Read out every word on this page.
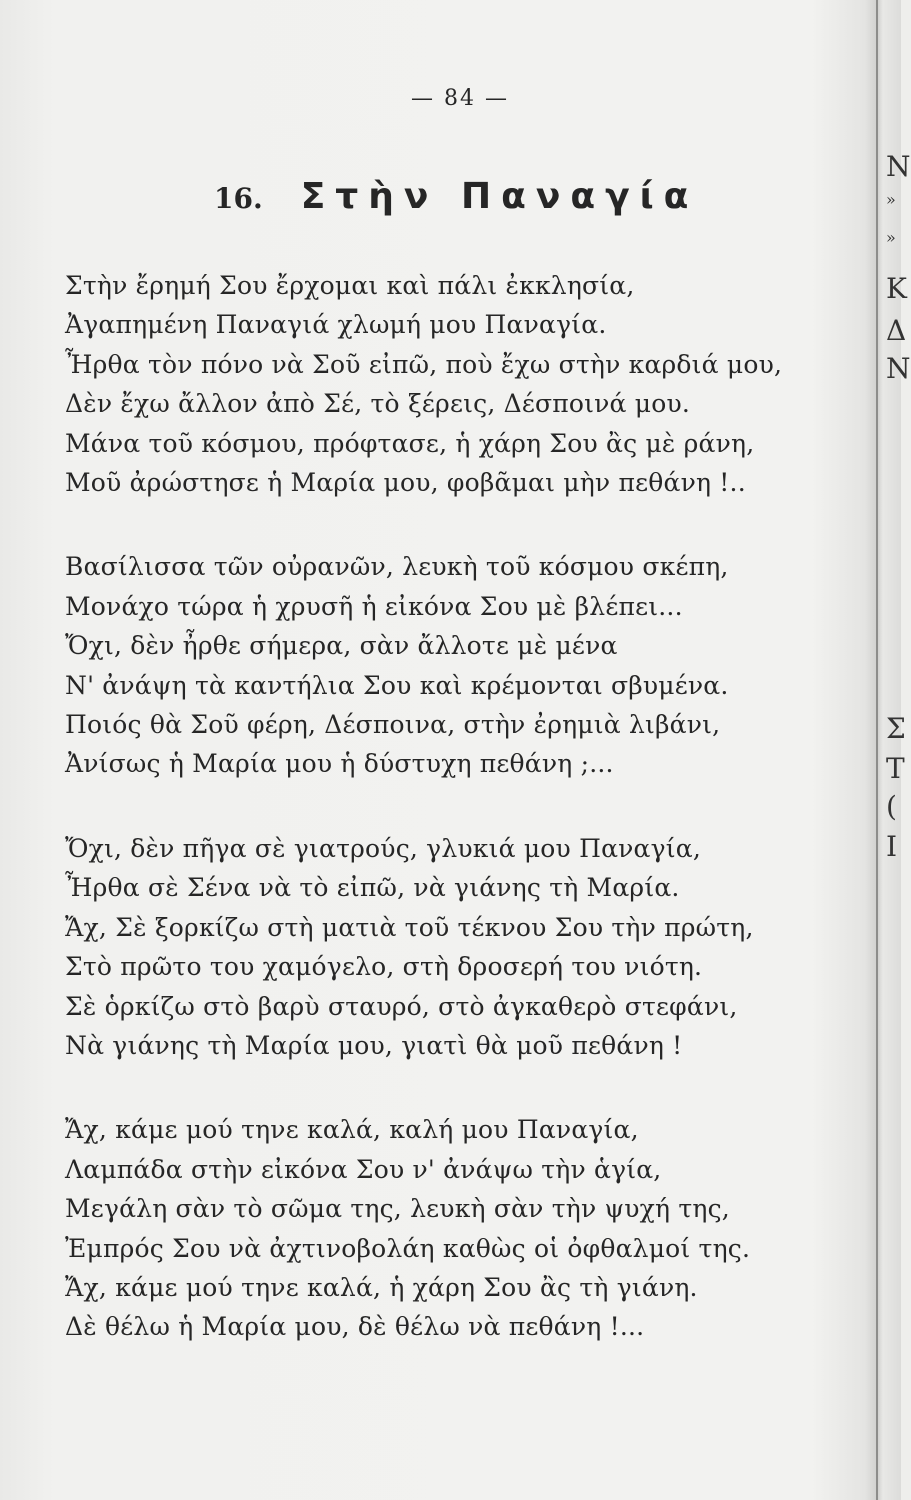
— 84 —
16. Στὴν Παναγία
Στὴν ἔρημή Σου ἔρχομαι καὶ πάλι ἐκκλησία,
Ἀγαπημένη Παναγιά χλωμή μου Παναγία.
Ἦρθα τὸν πόνο νὰ Σοῦ εἰπῶ, ποὺ ἔχω στὴν καρδιά μου,
Δὲν ἔχω ἄλλον ἀπὸ Σέ, τὸ ξέρεις, Δέσποινά μου.
Μάνα τοῦ κόσμου, πρόφτασε, ἡ χάρη Σου ἂς μὲ ράνη,
Μοῦ ἀρώστησε ἡ Μαρία μου, φοβᾶμαι μὴν πεθάνη !..
Βασίλισσα τῶν οὐρανῶν, λευκὴ τοῦ κόσμου σκέπη,
Μονάχο τώρα ἡ χρυσῆ ἡ εἰκόνα Σου μὲ βλέπει...
Ὄχι, δὲν ἦρθε σήμερα, σὰν ἄλλοτε μὲ μένα
Ν' ἀνάψη τὰ καντήλια Σου καὶ κρέμονται σβυμένα.
Ποιός θὰ Σοῦ φέρη, Δέσποινα, στὴν ἐρημιὰ λιβάνι,
Ἀνίσως ἡ Μαρία μου ἡ δύστυχη πεθάνη ;...
Ὄχι, δὲν πῆγα σὲ γιατρούς, γλυκιά μου Παναγία,
Ἦρθα σὲ Σένα νὰ τὸ εἰπῶ, νὰ γιάνης τὴ Μαρία.
Ἄχ, Σὲ ξορκίζω στὴ ματιὰ τοῦ τέκνου Σου τὴν πρώτη,
Στὸ πρῶτο του χαμόγελο, στὴ δροσερή του νιότη.
Σὲ ὁρκίζω στὸ βαρὺ σταυρό, στὸ ἀγκαθερὸ στεφάνι,
Νὰ γιάνης τὴ Μαρία μου, γιατὶ θὰ μοῦ πεθάνη !
Ἄχ, κάμε μού τηνε καλά, καλή μου Παναγία,
Λαμπάδα στὴν εἰκόνα Σου ν' ἀνάψω τὴν ἁγία,
Μεγάλη σὰν τὸ σῶμα της, λευκὴ σὰν τὴν ψυχή της,
Ἐμπρός Σου νὰ ἀχτινοβολάη καθὼς οἱ ὀφθαλμοί της.
Ἄχ, κάμε μού τηνε καλά, ἡ χάρη Σου ἂς τὴ γιάνη.
Δὲ θέλω ἡ Μαρία μου, δὲ θέλω νὰ πεθάνη !...
Ν
»
»
Κ
Δ
Ν
Σ
Τ
(
Ι
